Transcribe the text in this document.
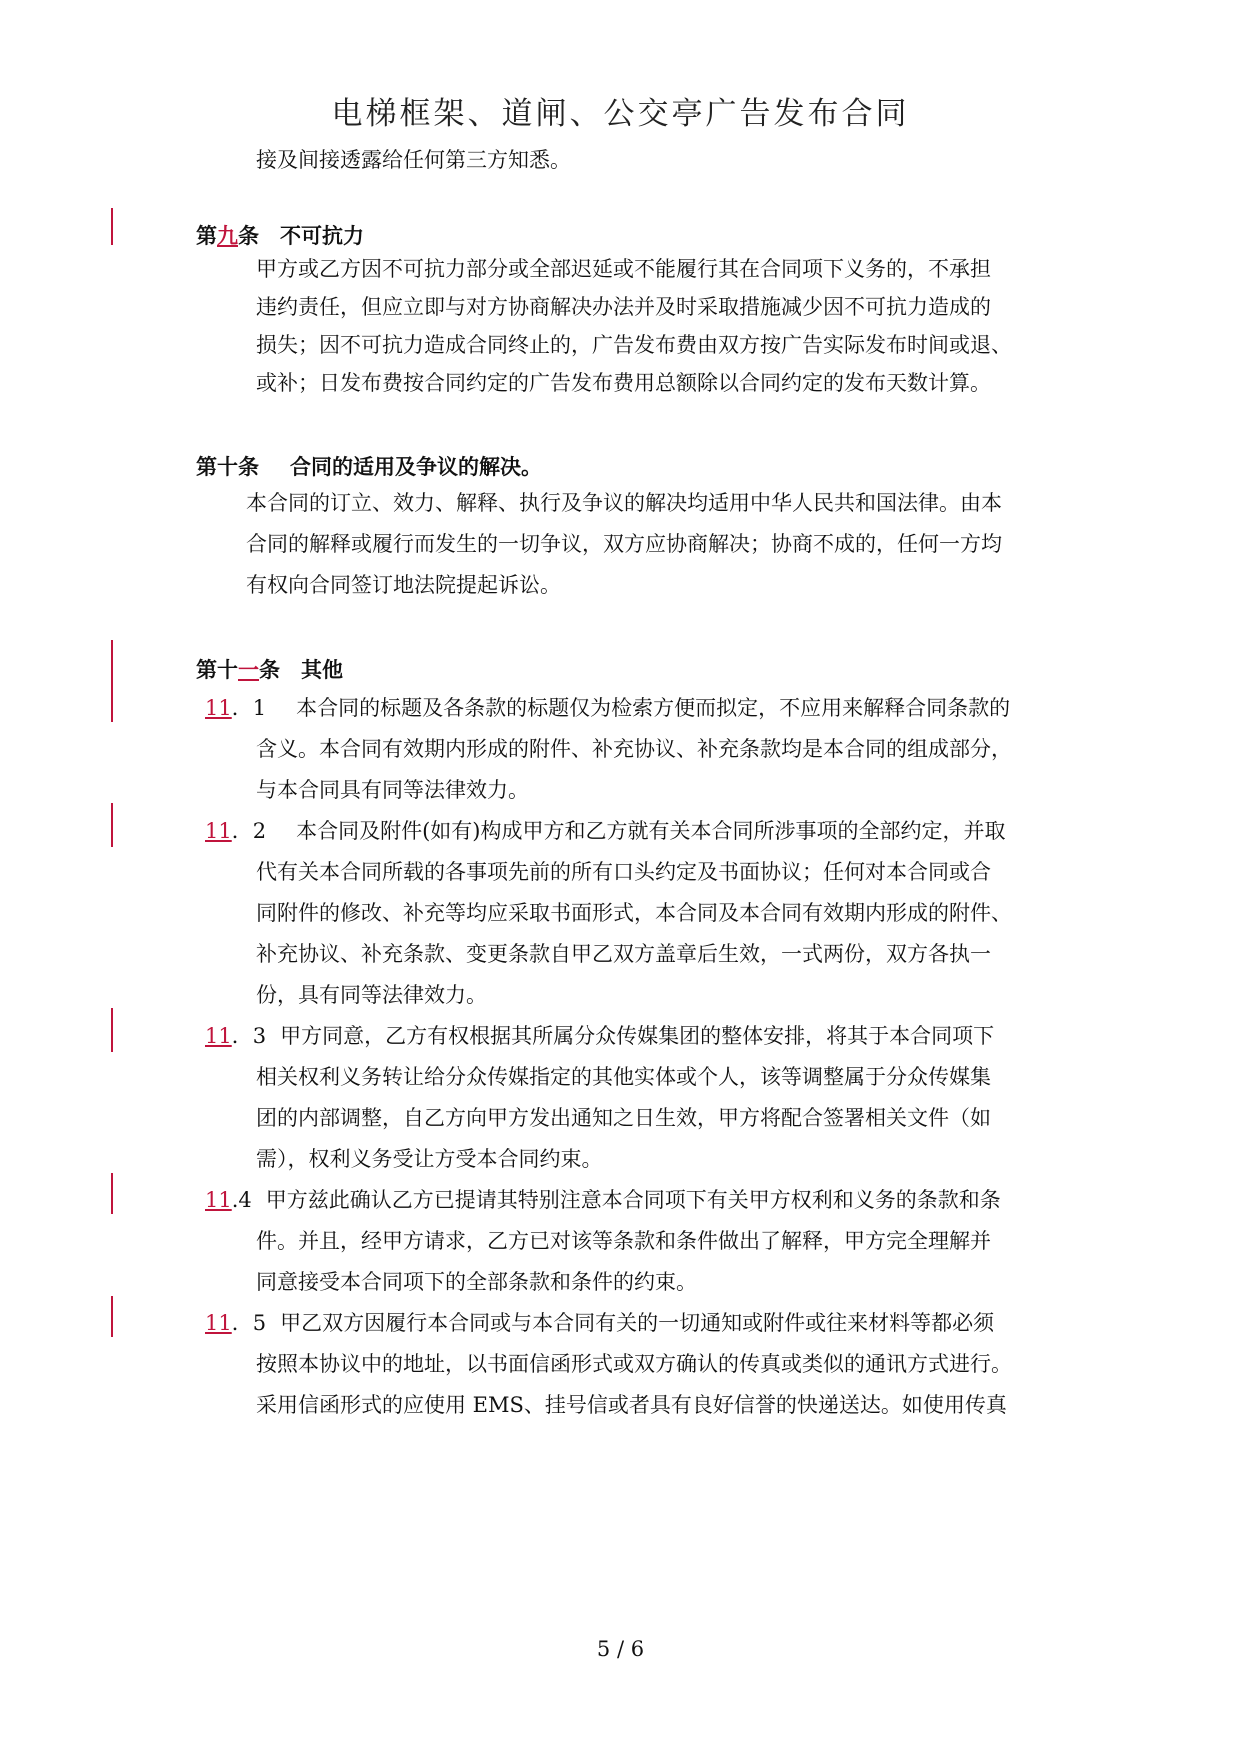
电梯框架、道闸、公交亭广告发布合同
接及间接透露给任何第三方知悉。
第九条 不可抗力
甲方或乙方因不可抗力部分或全部迟延或不能履行其在合同项下义务的，不承担
违约责任，但应立即与对方协商解决办法并及时采取措施减少因不可抗力造成的
损失；因不可抗力造成合同终止的，广告发布费由双方按广告实际发布时间或退、
或补；日发布费按合同约定的广告发布费用总额除以合同约定的发布天数计算。
第十条 合同的适用及争议的解决。
本合同的订立、效力、解释、执行及争议的解决均适用中华人民共和国法律。由本
合同的解释或履行而发生的一切争议，双方应协商解决；协商不成的，任何一方均
有权向合同签订地法院提起诉讼。
第十一条 其他
11．1 本合同的标题及各条款的标题仅为检索方便而拟定，不应用来解释合同条款的
含义。本合同有效期内形成的附件、补充协议、补充条款均是本合同的组成部分，
与本合同具有同等法律效力。
11．2 本合同及附件(如有)构成甲方和乙方就有关本合同所涉事项的全部约定，并取
代有关本合同所载的各事项先前的所有口头约定及书面协议；任何对本合同或合
同附件的修改、补充等均应采取书面形式，本合同及本合同有效期内形成的附件、
补充协议、补充条款、变更条款自甲乙双方盖章后生效，一式两份，双方各执一
份，具有同等法律效力。
11．3 甲方同意，乙方有权根据其所属分众传媒集团的整体安排，将其于本合同项下
相关权利义务转让给分众传媒指定的其他实体或个人，该等调整属于分众传媒集
团的内部调整，自乙方向甲方发出通知之日生效，甲方将配合签署相关文件（如
需），权利义务受让方受本合同约束。
11.4 甲方兹此确认乙方已提请其特别注意本合同项下有关甲方权利和义务的条款和条
件。并且，经甲方请求，乙方已对该等条款和条件做出了解释，甲方完全理解并
同意接受本合同项下的全部条款和条件的约束。
11．5 甲乙双方因履行本合同或与本合同有关的一切通知或附件或往来材料等都必须
按照本协议中的地址，以书面信函形式或双方确认的传真或类似的通讯方式进行。
采用信函形式的应使用 EMS、挂号信或者具有良好信誉的快递送达。如使用传真
5 / 6
